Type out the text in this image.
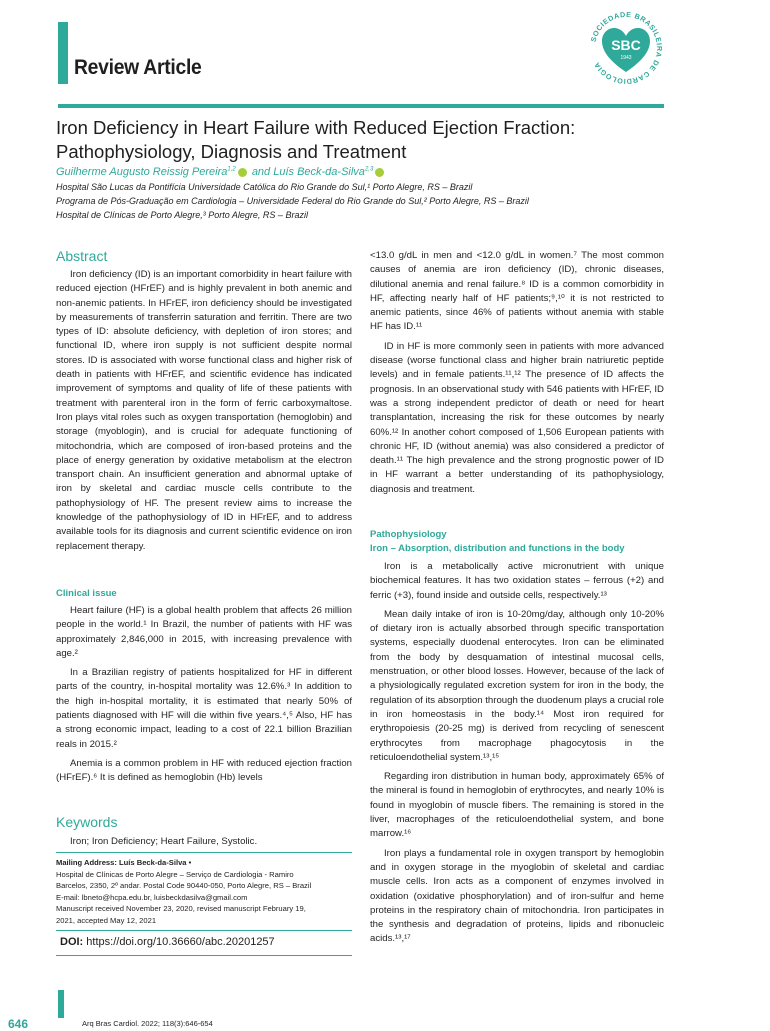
Review Article
SOCIEDADE BRASILEIRA DE CARDIOLOGIA
SBC
1943
Iron Deficiency in Heart Failure with Reduced Ejection Fraction:
Pathophysiology, Diagnosis and Treatment
Guilherme Augusto Reissig Pereira$^{1,2}$ and Luís Beck-da-Silva$^{2,3}$
Hospital São Lucas da Pontifícia Universidade Católica do Rio Grande do Sul,¹ Porto Alegre, RS – Brazil
Programa de Pós-Graduação em Cardiologia – Universidade Federal do Rio Grande do Sul,² Porto Alegre, RS – Brazil
Hospital de Clínicas de Porto Alegre,³ Porto Alegre, RS – Brazil
Abstract

Iron deficiency (ID) is an important comorbidity in heart failure with reduced ejection (HFrEF) and is highly prevalent in both anemic and non-anemic patients. In HFrEF, iron deficiency should be investigated by measurements of transferrin saturation and ferritin. There are two types of ID: absolute deficiency, with depletion of iron stores; and functional ID, where iron supply is not sufficient despite normal stores. ID is associated with worse functional class and higher risk of death in patients with HFrEF, and scientific evidence has indicated improvement of symptoms and quality of life of these patients with treatment with parenteral iron in the form of ferric carboxymaltose. Iron plays vital roles such as oxygen transportation (hemoglobin) and storage (myoblogin), and is crucial for adequate functioning of mitochondria, which are composed of iron-based proteins and the place of energy generation by oxidative metabolism at the electron transport chain. An insufficient generation and abnormal uptake of iron by skeletal and cardiac muscle cells contribute to the pathophysiology of HF. The present review aims to increase the knowledge of the pathophysiology of ID in HFrEF, and to address available tools for its diagnosis and current scientific evidence on iron replacement therapy.

Clinical issue

Heart failure (HF) is a global health problem that affects 26 million people in the world.¹ In Brazil, the number of patients with HF was approximately 2,846,000 in 2015, with increasing prevalence with age.²

In a Brazilian registry of patients hospitalized for HF in different parts of the country, in-hospital mortality was 12.6%.³ In addition to the high in-hospital mortality, it is estimated that nearly 50% of patients diagnosed with HF will die within five years.⁴,⁵ Also, HF has a strong economic impact, leading to a cost of 22.1 billion Brazilian reals in 2015.²

Anemia is a common problem in HF with reduced ejection fraction (HFrEF).⁶ It is defined as hemoglobin (Hb) levels

Keywords
Iron; Iron Deficiency; Heart Failure, Systolic.
Mailing Address: Luís Beck-da-Silva •
Hospital de Clínicas de Porto Alegre – Serviço de Cardiologia - Ramiro
Barcelos, 2350, 2º andar. Postal Code 90440-050, Porto Alegre, RS – Brazil
E-mail: lbneto@hcpa.edu.br, luisbeckdasilva@gmail.com
Manuscript received November 23, 2020, revised manuscript February 19,
2021, accepted May 12, 2021
DOI: https://doi.org/10.36660/abc.20201257

<13.0 g/dL in men and <12.0 g/dL in women.⁷ The most common causes of anemia are iron deficiency (ID), chronic diseases, dilutional anemia and renal failure.⁸ ID is a common comorbidity in HF, affecting nearly half of HF patients;⁹,¹⁰ it is not restricted to anemic patients, since 46% of patients without anemia with stable HF has ID.¹¹

ID in HF is more commonly seen in patients with more advanced disease (worse functional class and higher brain natriuretic peptide levels) and in female patients.¹¹,¹² The presence of ID affects the prognosis. In an observational study with 546 patients with HFrEF, ID was a strong independent predictor of death or need for heart transplantation, increasing the risk for these outcomes by nearly 60%.¹² In another cohort composed of 1,506 European patients with chronic HF, ID (without anemia) was also considered a predictor of death.¹¹ The high prevalence and the strong prognostic power of ID in HF warrant a better understanding of its pathophysiology, diagnosis and treatment.

Pathophysiology
Iron – Absorption, distribution and functions in the body

Iron is a metabolically active micronutrient with unique biochemical features. It has two oxidation states – ferrous (+2) and ferric (+3), found inside and outside cells, respectively.¹³

Mean daily intake of iron is 10-20mg/day, although only 10-20% of dietary iron is actually absorbed through specific transportation systems, especially duodenal enterocytes. Iron can be eliminated from the body by desquamation of intestinal mucosal cells, menstruation, or other blood losses. However, because of the lack of a physiologically regulated excretion system for iron in the body, the regulation of its absorption through the duodenum plays a crucial role in iron homeostasis in the body.¹⁴ Most iron required for erythropoiesis (20-25 mg) is derived from recycling of senescent erythrocytes from macrophage phagocytosis in the reticuloendothelial system.¹³,¹⁵

Regarding iron distribution in human body, approximately 65% of the mineral is found in hemoglobin of erythrocytes, and nearly 10% is found in myoglobin of muscle fibers. The remaining is stored in the liver, macrophages of the reticuloendothelial system, and bone marrow.¹⁶

Iron plays a fundamental role in oxygen transport by hemoglobin and in oxygen storage in the myoglobin of skeletal and cardiac muscle cells. Iron acts as a component of enzymes involved in oxidation (oxidative phosphorylation) and of iron-sulfur and heme proteins in the respiratory chain of mitochondria. Iron participates in the synthesis and degradation of proteins, lipids and ribonucleic acids.¹³,¹⁷

646	Arq Bras Cardiol. 2022; 118(3):646-654
